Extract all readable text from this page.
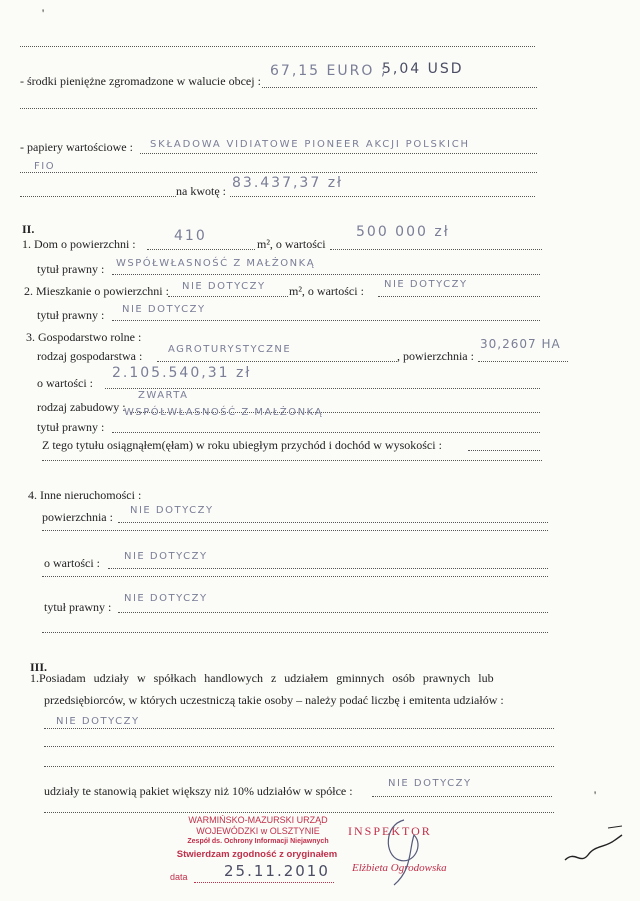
'
- środki pieniężne zgromadzone w walucie obcej :
67,15 EURO ;
5,04 USD
- papiery wartościowe : SKŁADOWA VIDIATOWE PIONEER AKCJI POLSKICH
FIO
na kwotę : 83.437,37 zł
II.
1. Dom o powierzchni :	410	m², o wartości
500 000 zł
tytuł prawny : WSPÓŁWŁASNOŚĆ Z MAŁŻONKĄ
2. Mieszkanie o powierzchni : NIE DOTYCZY m², o wartości : NIE DOTYCZY
tytuł prawny : NIE DOTYCZY
3. Gospodarstwo rolne :
rodzaj gospodarstwa :	AGROTURYSTYCZNE	, powierzchnia :
30,2607 HA
o wartości :
2.105.540,31 zł
rodzaj zabudowy :
ZWARTA
tytuł prawny :
WSPÓŁWŁASNOŚĆ Z MAŁŻONKĄ
Z tego tytułu osiągnąłem(ęłam) w roku ubiegłym przychód i dochód w wysokości :
4. Inne nieruchomości :
powierzchnia : NIE DOTYCZY
o wartości : NIE DOTYCZY
tytuł prawny :
NIE DOTYCZY
III.
1.Posiadam udziały w spółkach handlowych z udziałem gminnych osób prawnych lub
przedsiębiorców, w których uczestniczą takie osoby – należy podać liczbę i emitenta udziałów :
NIE DOTYCZY
udziały te stanowią pakiet większy niż 10% udziałów w spółce :
NIE DOTYCZY
WARMIŃSKO-MAZURSKI URZĄD
WOJEWÓDZKI w OLSZTYNIE
Zespół ds. Ochrony Informacji Niejawnych
Stwierdzam zgodność z oryginałem
data 25.11.2010
INSPEKTOR
Elżbieta Ogrodowska
'
